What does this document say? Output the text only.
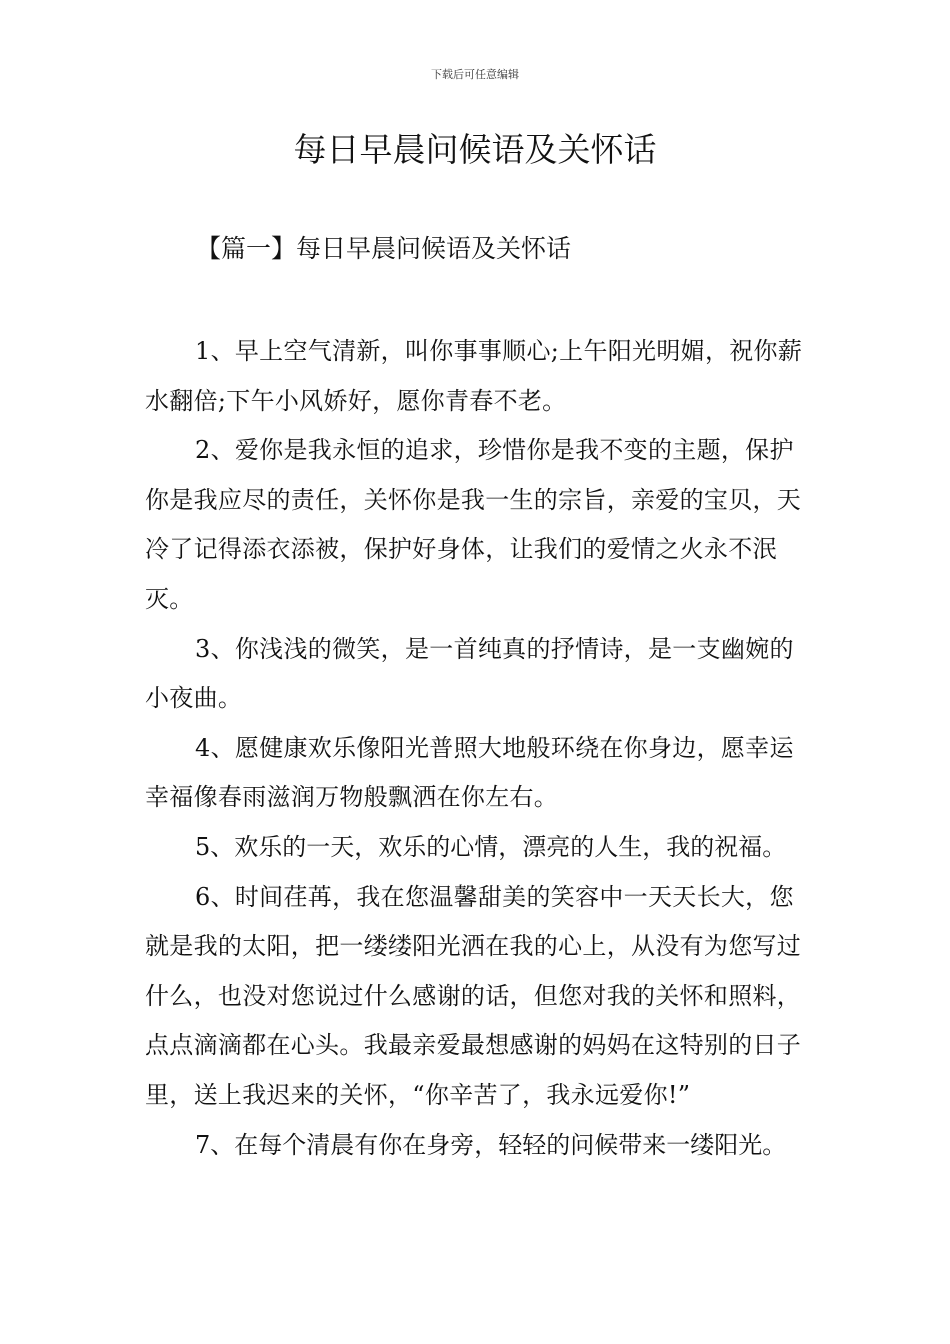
下载后可任意编辑
每日早晨问候语及关怀话
【篇一】每日早晨问候语及关怀话

1、早上空气清新，叫你事事顺心;上午阳光明媚，祝你薪水翻倍;下午小风娇好，愿你青春不老。

2、爱你是我永恒的追求，珍惜你是我不变的主题，保护你是我应尽的责任，关怀你是我一生的宗旨，亲爱的宝贝，天冷了记得添衣添被，保护好身体，让我们的爱情之火永不泯灭。

3、你浅浅的微笑，是一首纯真的抒情诗，是一支幽婉的小夜曲。

4、愿健康欢乐像阳光普照大地般环绕在你身边，愿幸运幸福像春雨滋润万物般飘洒在你左右。

5、欢乐的一天，欢乐的心情，漂亮的人生，我的祝福。

6、时间荏苒，我在您温馨甜美的笑容中一天天长大，您就是我的太阳，把一缕缕阳光洒在我的心上，从没有为您写过什么，也没对您说过什么感谢的话，但您对我的关怀和照料，点点滴滴都在心头。我最亲爱最想感谢的妈妈在这特别的日子里，送上我迟来的关怀，“你辛苦了，我永远爱你!”

7、在每个清晨有你在身旁，轻轻的问候带来一缕阳光。
